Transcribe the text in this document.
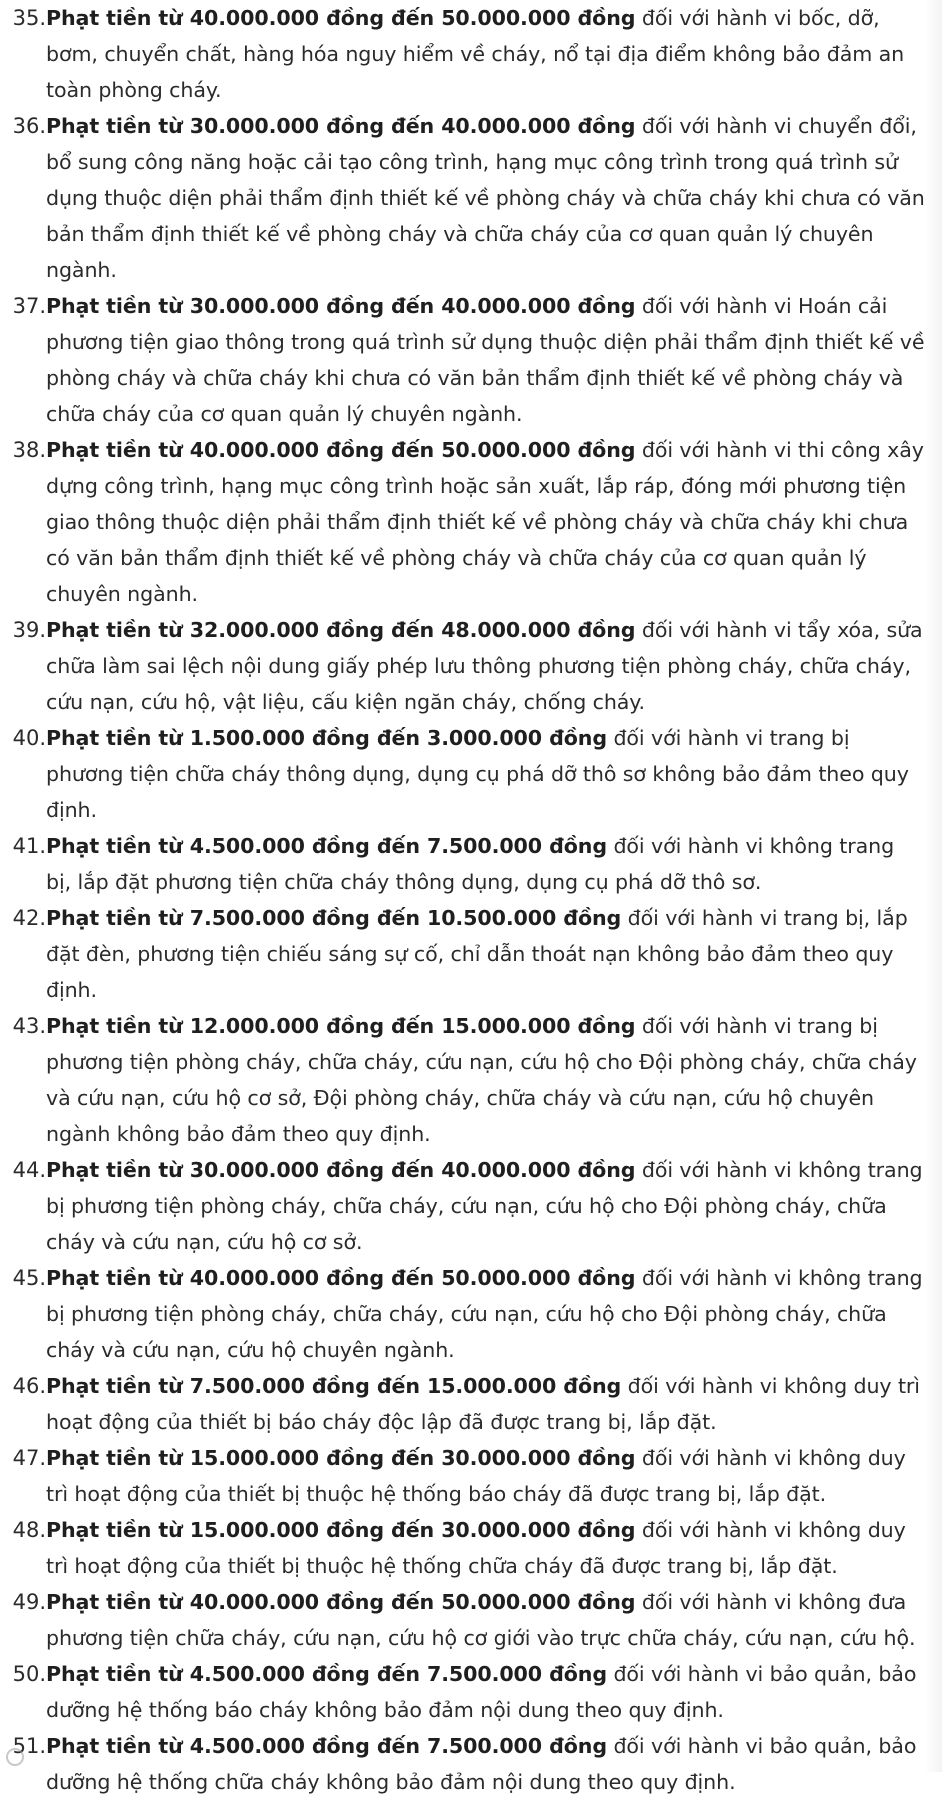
35. Phạt tiền từ 40.000.000 đồng đến 50.000.000 đồng đối với hành vi bốc, dỡ, bơm, chuyển chất, hàng hóa nguy hiểm về cháy, nổ tại địa điểm không bảo đảm an toàn phòng cháy.
36. Phạt tiền từ 30.000.000 đồng đến 40.000.000 đồng đối với hành vi chuyển đổi, bổ sung công năng hoặc cải tạo công trình, hạng mục công trình trong quá trình sử dụng thuộc diện phải thẩm định thiết kế về phòng cháy và chữa cháy khi chưa có văn bản thẩm định thiết kế về phòng cháy và chữa cháy của cơ quan quản lý chuyên ngành.
37. Phạt tiền từ 30.000.000 đồng đến 40.000.000 đồng đối với hành vi Hoán cải phương tiện giao thông trong quá trình sử dụng thuộc diện phải thẩm định thiết kế về phòng cháy và chữa cháy khi chưa có văn bản thẩm định thiết kế về phòng cháy và chữa cháy của cơ quan quản lý chuyên ngành.
38. Phạt tiền từ 40.000.000 đồng đến 50.000.000 đồng đối với hành vi thi công xây dựng công trình, hạng mục công trình hoặc sản xuất, lắp ráp, đóng mới phương tiện giao thông thuộc diện phải thẩm định thiết kế về phòng cháy và chữa cháy khi chưa có văn bản thẩm định thiết kế về phòng cháy và chữa cháy của cơ quan quản lý chuyên ngành.
39. Phạt tiền từ 32.000.000 đồng đến 48.000.000 đồng đối với hành vi tẩy xóa, sửa chữa làm sai lệch nội dung giấy phép lưu thông phương tiện phòng cháy, chữa cháy, cứu nạn, cứu hộ, vật liệu, cấu kiện ngăn cháy, chống cháy.
40. Phạt tiền từ 1.500.000 đồng đến 3.000.000 đồng đối với hành vi trang bị phương tiện chữa cháy thông dụng, dụng cụ phá dỡ thô sơ không bảo đảm theo quy định.
41. Phạt tiền từ 4.500.000 đồng đến 7.500.000 đồng đối với hành vi không trang bị, lắp đặt phương tiện chữa cháy thông dụng, dụng cụ phá dỡ thô sơ.
42. Phạt tiền từ 7.500.000 đồng đến 10.500.000 đồng đối với hành vi trang bị, lắp đặt đèn, phương tiện chiếu sáng sự cố, chỉ dẫn thoát nạn không bảo đảm theo quy định.
43. Phạt tiền từ 12.000.000 đồng đến 15.000.000 đồng đối với hành vi trang bị phương tiện phòng cháy, chữa cháy, cứu nạn, cứu hộ cho Đội phòng cháy, chữa cháy và cứu nạn, cứu hộ cơ sở, Đội phòng cháy, chữa cháy và cứu nạn, cứu hộ chuyên ngành không bảo đảm theo quy định.
44. Phạt tiền từ 30.000.000 đồng đến 40.000.000 đồng đối với hành vi không trang bị phương tiện phòng cháy, chữa cháy, cứu nạn, cứu hộ cho Đội phòng cháy, chữa cháy và cứu nạn, cứu hộ cơ sở.
45. Phạt tiền từ 40.000.000 đồng đến 50.000.000 đồng đối với hành vi không trang bị phương tiện phòng cháy, chữa cháy, cứu nạn, cứu hộ cho Đội phòng cháy, chữa cháy và cứu nạn, cứu hộ chuyên ngành.
46. Phạt tiền từ 7.500.000 đồng đến 15.000.000 đồng đối với hành vi không duy trì hoạt động của thiết bị báo cháy độc lập đã được trang bị, lắp đặt.
47. Phạt tiền từ 15.000.000 đồng đến 30.000.000 đồng đối với hành vi không duy trì hoạt động của thiết bị thuộc hệ thống báo cháy đã được trang bị, lắp đặt.
48. Phạt tiền từ 15.000.000 đồng đến 30.000.000 đồng đối với hành vi không duy trì hoạt động của thiết bị thuộc hệ thống chữa cháy đã được trang bị, lắp đặt.
49. Phạt tiền từ 40.000.000 đồng đến 50.000.000 đồng đối với hành vi không đưa phương tiện chữa cháy, cứu nạn, cứu hộ cơ giới vào trực chữa cháy, cứu nạn, cứu hộ.
50. Phạt tiền từ 4.500.000 đồng đến 7.500.000 đồng đối với hành vi bảo quản, bảo dưỡng hệ thống báo cháy không bảo đảm nội dung theo quy định.
51. Phạt tiền từ 4.500.000 đồng đến 7.500.000 đồng đối với hành vi bảo quản, bảo dưỡng hệ thống chữa cháy không bảo đảm nội dung theo quy định.
